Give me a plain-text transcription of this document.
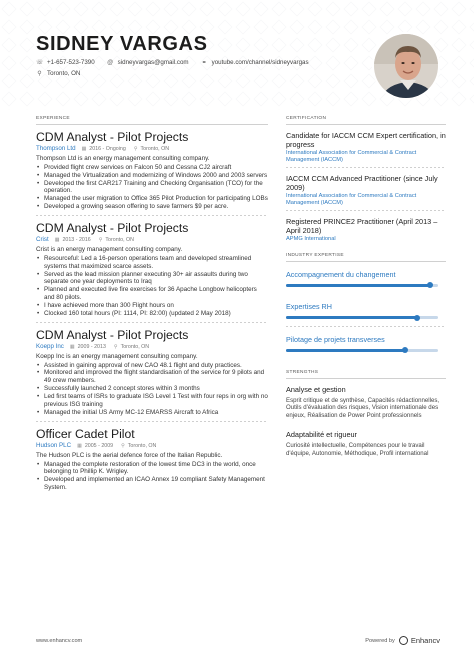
SIDNEY VARGAS
☏ +1-657-523-7390 @ sidneyvargas@gmail.com ⚭ youtube.com/channel/sidneyvargas
⚲ Toronto, ON
EXPERIENCE
CDM Analyst - Pilot Projects
Thompson Ltd ▦ 2016 - Ongoing ⚲ Toronto, ON
Thompson Ltd is an energy management consulting company.
• Provided flight crew services on Falcon 50 and Cessna CJ2 aircraft
• Managed the Virtualization and modernizing of Windows 2000 and 2003 servers
• Developed the first CAR217 Training and Checking Organisation (TCO) for the operation.
• Managed the user migration to Office 365 Pilot Production for participating LOBs
• Developed a growing season offering to save farmers $9 per acre.
CDM Analyst - Pilot Projects
Crist ▦ 2013 - 2016 ⚲ Toronto, ON
Crist is an energy management consulting company.
• Resourceful: Led a 16-person operations team and developed streamlined systems that maximized scarce assets.
• Served as the lead mission planner executing 30+ air assaults during two separate one year deployments to Iraq
• Planned and executed live fire exercises for 36 Apache Longbow helicopters and 80 pilots.
• I have achieved more than 300 Flight hours on
• Clocked 160 total hours (PI: 1114, PI: 82:00) (updated 2 May 2018)
CDM Analyst - Pilot Projects
Koepp Inc ▦ 2009 - 2013 ⚲ Toronto, ON
Koepp Inc is an energy management consulting company.
• Assisted in gaining approval of new CAO 48.1 flight and duty practices.
• Monitored and improved the flight standardisation of the service for 9 pilots and 49 crew members.
• Successfully launched 2 concept stores within 3 months
• Led first teams of ISRs to graduate ISG Level 1 Test with four reps in org with no previous ISG training
• Managed the initial US Army MC-12 EMARSS Aircraft to Africa
Officer Cadet Pilot
Hudson PLC ▦ 2005 - 2009 ⚲ Toronto, ON
The Hudson PLC is the aerial defence force of the Italian Republic.
• Managed the complete restoration of the lowest time DC3 in the world, once belonging to Phillip K. Wrigley.
• Developed and implemented an ICAO Annex 19 compliant Safety Management System.
CERTIFICATION
Candidate for IACCM CCM Expert certification, in progress
International Association for Commercial & Contract Management (IACCM)
IACCM CCM Advanced Practitioner (since July 2009)
International Association for Commercial & Contract Management (IACCM)
Registered PRINCE2 Practitioner (April 2013 – April 2018)
APMG International
INDUSTRY EXPERTISE
Accompagnement du changement
Expertises RH
Pilotage de projets transverses
STRENGTHS
Analyse et gestion
Esprit critique et de synthèse, Capacités rédactionnelles, Outils d'évaluation des risques, Vision internationale des enjeux, Réalisation de Power Point professionnels
Adaptabilité et rigueur
Curiosité intellectuelle, Compétences pour le travail d'équipe, Autonomie, Méthodique, Profil international
www.enhancv.com	Powered by Enhancv
